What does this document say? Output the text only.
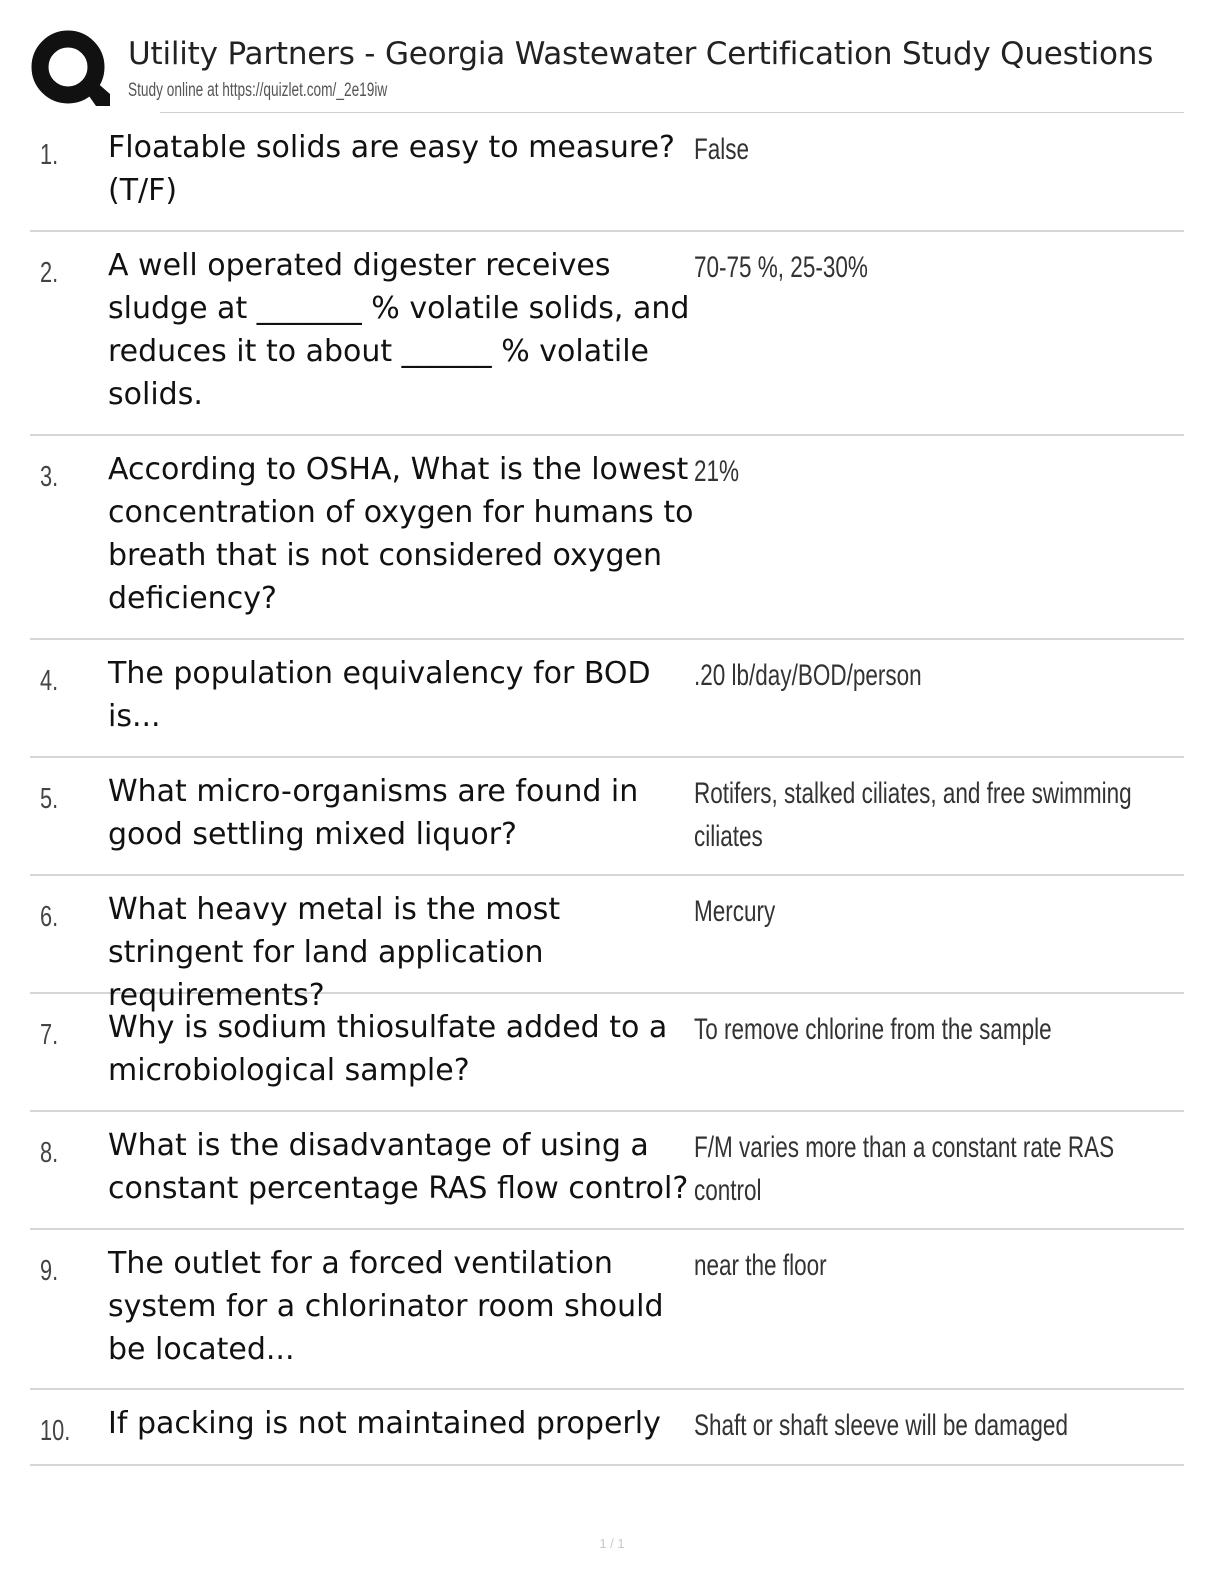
Utility Partners - Georgia Wastewater Certification Study Questions
Study online at https://quizlet.com/_2e19iw
1. Floatable solids are easy to measure? (T/F)
False
2. A well operated digester receives sludge at _______ % volatile solids, and reduces it to about ______ % volatile solids.
70-75 %, 25-30%
3. According to OSHA, What is the lowest concentration of oxygen for humans to breath that is not considered oxygen deficiency?
21%
4. The population equivalency for BOD is...
.20 lb/day/BOD/person
5. What micro-organisms are found in good settling mixed liquor?
Rotifers, stalked ciliates, and free swimming ciliates
6. What heavy metal is the most stringent for land application requirements?
Mercury
7. Why is sodium thiosulfate added to a microbiological sample?
To remove chlorine from the sample
8. What is the disadvantage of using a constant percentage RAS flow control?
F/M varies more than a constant rate RAS control
9. The outlet for a forced ventilation system for a chlorinator room should be located...
near the floor
10. If packing is not maintained properly	Shaft or shaft sleeve will be damaged
1 / 1
